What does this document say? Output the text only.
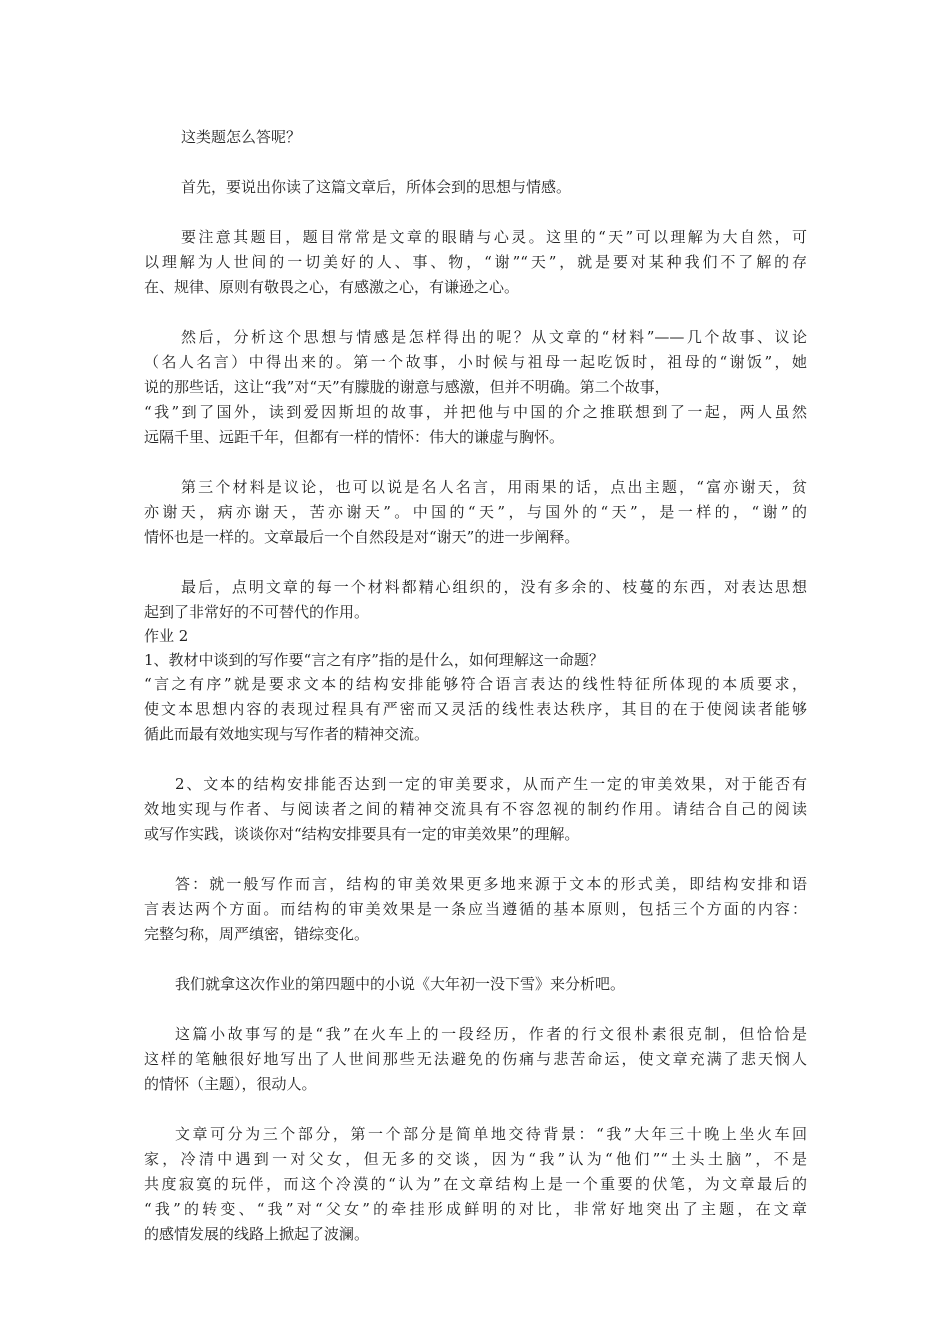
这类题怎么答呢？

首先，要说出你读了这篇文章后，所体会到的思想与情感。

要注意其题目，题目常常是文章的眼睛与心灵。这里的“天”可以理解为大自然，可

以理解为人世间的一切美好的人、事、物，“谢”“天”，就是要对某种我们不了解的存

在、规律、原则有敬畏之心，有感激之心，有谦逊之心。

然后，分析这个思想与情感是怎样得出的呢？从文章的“材料”——几个故事、议论

（名人名言）中得出来的。第一个故事，小时候与祖母一起吃饭时，祖母的“谢饭”，她

说的那些话，这让“我”对“天”有朦胧的谢意与感激，但并不明确。第二个故事，

“我”到了国外，读到爱因斯坦的故事，并把他与中国的介之推联想到了一起，两人虽然

远隔千里、远距千年，但都有一样的情怀：伟大的谦虚与胸怀。

第三个材料是议论，也可以说是名人名言，用雨果的话，点出主题，“富亦谢天，贫

亦谢天，病亦谢天，苦亦谢天”。中国的“天”，与国外的“天”，是一样的，“谢”的

情怀也是一样的。文章最后一个自然段是对“谢天”的进一步阐释。

最后，点明文章的每一个材料都精心组织的，没有多余的、枝蔓的东西，对表达思想

起到了非常好的不可替代的作用。

作业 2

1、教材中谈到的写作要“言之有序”指的是什么，如何理解这一命题？

“言之有序”就是要求文本的结构安排能够符合语言表达的线性特征所体现的本质要求，

使文本思想内容的表现过程具有严密而又灵活的线性表达秩序，其目的在于使阅读者能够

循此而最有效地实现与写作者的精神交流。

2、文本的结构安排能否达到一定的审美要求，从而产生一定的审美效果，对于能否有

效地实现与作者、与阅读者之间的精神交流具有不容忽视的制约作用。请结合自己的阅读

或写作实践，谈谈你对“结构安排要具有一定的审美效果”的理解。

答：就一般写作而言，结构的审美效果更多地来源于文本的形式美，即结构安排和语

言表达两个方面。而结构的审美效果是一条应当遵循的基本原则，包括三个方面的内容：

完整匀称，周严缜密，错综变化。

我们就拿这次作业的第四题中的小说《大年初一没下雪》来分析吧。

这篇小故事写的是“我”在火车上的一段经历，作者的行文很朴素很克制，但恰恰是

这样的笔触很好地写出了人世间那些无法避免的伤痛与悲苦命运，使文章充满了悲天悯人

的情怀（主题），很动人。

文章可分为三个部分，第一个部分是简单地交待背景：“我”大年三十晚上坐火车回

家，冷清中遇到一对父女，但无多的交谈，因为“我”认为“他们”“土头土脑”，不是

共度寂寞的玩伴，而这个冷漠的“认为”在文章结构上是一个重要的伏笔，为文章最后的

“我”的转变、“我”对“父女”的牵挂形成鲜明的对比，非常好地突出了主题，在文章

的感情发展的线路上掀起了波澜。
